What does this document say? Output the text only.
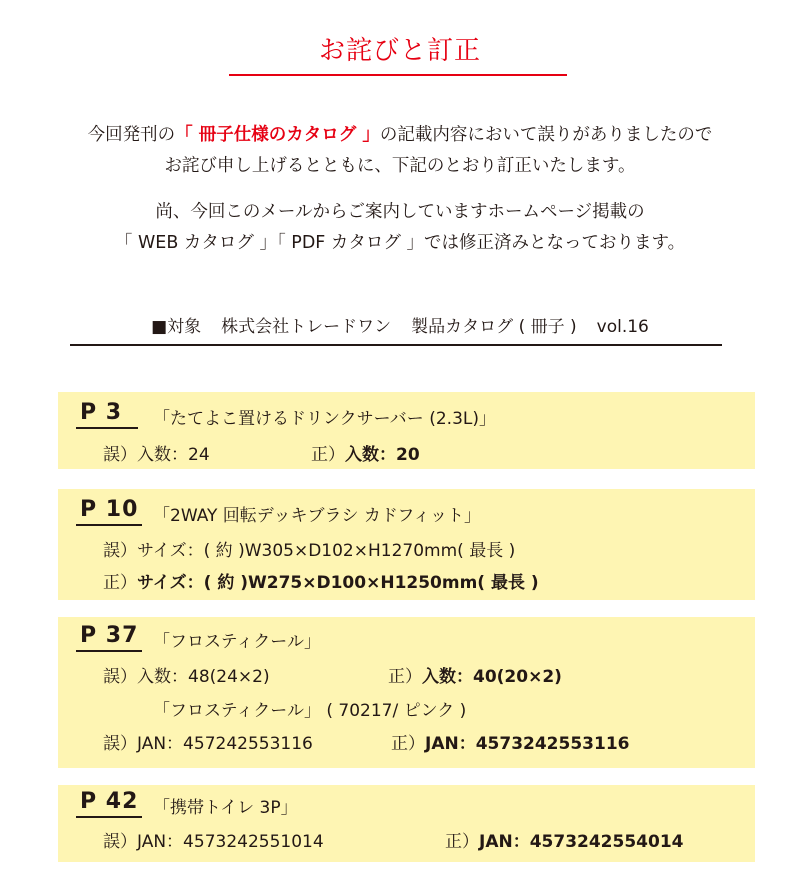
お詫びと訂正
今回発刊の「 冊子仕様のカタログ 」の記載内容において誤りがありましたので
お詫び申し上げるとともに、下記のとおり訂正いたします。
尚、今回このメールからご案内していますホームページ掲載の
「 WEB カタログ 」「 PDF カタログ 」では修正済みとなっております。
■対象 株式会社トレードワン 製品カタログ ( 冊子 ) vol.16
P 3 「たてよこ置けるドリンクサーバー (2.3L)」
誤）入数：24	正）入数：20
P 10 「2WAY 回転デッキブラシ カドフィット」
誤）サイズ：( 約 )W305×D102×H1270mm( 最長 )
正）サイズ：( 約 )W275×D100×H1250mm( 最長 )
P 37 「フロスティクール」
誤）入数：48(24×2)	正）入数：40(20×2)
「フロスティクール」 ( 70217/ ピンク )
誤）JAN：457242553116	正）JAN：4573242553116
P 42 「携帯トイレ 3P」
誤）JAN：4573242551014	正）JAN：4573242554014
